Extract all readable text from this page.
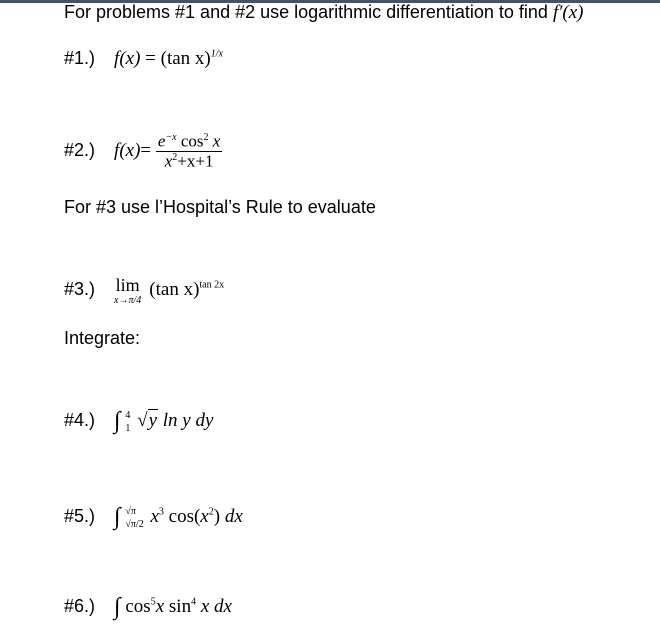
For problems #1 and #2 use logarithmic differentiation to find f′(x)
#1.) f(x) = (tan x)$^{1/x}$
#2.) $f(x)= \frac{e^{-x} \cos^2 x}{x^2+x+1}$
For #3 use l’Hospital’s Rule to evaluate
#3.) lim
x→π/4
(tan x)$^{tan 2x}$
Integrate:
#4.) ∫ 4
1 √y ln y dy
#5.) ∫ √π
√π/2 $x^3$ $\cos(x^2)$ dx
#6.) ∫ $\cos^5x$ $\sin^4 x$ dx
